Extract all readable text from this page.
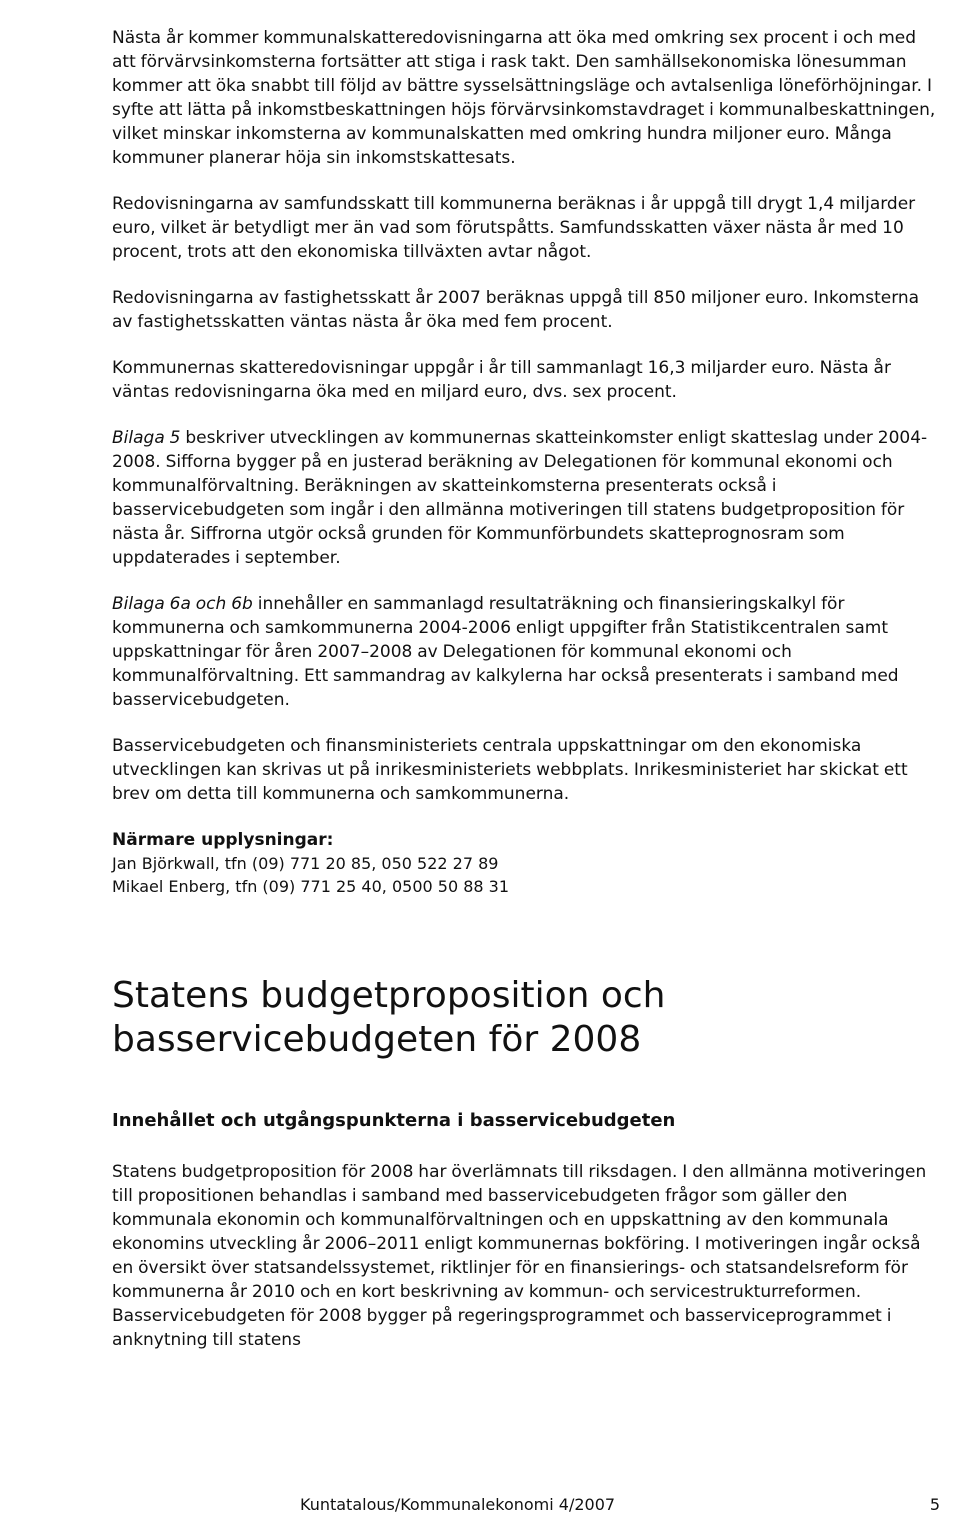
Nästa år kommer kommunalskatteredovisningarna att öka med omkring sex procent i och med att förvärvsinkomsterna fortsätter att stiga i rask takt. Den samhällsekonomiska lönesumman kommer att öka snabbt till följd av bättre sysselsättningsläge och avtalsenliga löneförhöjningar. I syfte att lätta på inkomstbeskattningen höjs förvärvsinkomstavdraget i kommunalbeskattningen, vilket minskar inkomsterna av kommunalskatten med omkring hundra miljoner euro. Många kommuner planerar höja sin inkomstskattesats.

Redovisningarna av samfundsskatt till kommunerna beräknas i år uppgå till drygt 1,4 miljarder euro, vilket är betydligt mer än vad som förutspåtts. Samfundsskatten växer nästa år med 10 procent, trots att den ekonomiska tillväxten avtar något.

Redovisningarna av fastighetsskatt år 2007 beräknas uppgå till 850 miljoner euro. Inkomsterna av fastighetsskatten väntas nästa år öka med fem procent.

Kommunernas skatteredovisningar uppgår i år till sammanlagt 16,3 miljarder euro. Nästa år väntas redovisningarna öka med en miljard euro, dvs. sex procent.

Bilaga 5 beskriver utvecklingen av kommunernas skatteinkomster enligt skatteslag under 2004-2008. Sifforna bygger på en justerad beräkning av Delegationen för kommunal ekonomi och kommunalförvaltning. Beräkningen av skatteinkomsterna presenterats också i basservicebudgeten som ingår i den allmänna motiveringen till statens budgetproposition för nästa år. Siffrorna utgör också grunden för Kommunförbundets skatteprognosram som uppdaterades i september.

Bilaga 6a och 6b innehåller en sammanlagd resultaträkning och finansieringskalkyl för kommunerna och samkommunerna 2004-2006 enligt uppgifter från Statistikcentralen samt uppskattningar för åren 2007–2008 av Delegationen för kommunal ekonomi och kommunalförvaltning. Ett sammandrag av kalkylerna har också presenterats i samband med basservicebudgeten.

Basservicebudgeten och finansministeriets centrala uppskattningar om den ekonomiska utvecklingen kan skrivas ut på inrikesministeriets webbplats. Inrikesministeriet har skickat ett brev om detta till kommunerna och samkommunerna.

Närmare upplysningar:
Jan Björkwall, tfn (09) 771 20 85, 050 522 27 89
Mikael Enberg, tfn (09) 771 25 40, 0500 50 88 31
Statens budgetproposition och basservicebudgeten för 2008
Innehållet och utgångspunkterna i basservicebudgeten

Statens budgetproposition för 2008 har överlämnats till riksdagen. I den allmänna motiveringen till propositionen behandlas i samband med basservicebudgeten frågor som gäller den kommunala ekonomin och kommunalförvaltningen och en uppskattning av den kommunala ekonomins utveckling år 2006–2011 enligt kommunernas bokföring. I motiveringen ingår också en översikt över statsandelssystemet, riktlinjer för en finansierings- och statsandelsreform för kommunerna år 2010 och en kort beskrivning av kommun- och servicestrukturreformen. Basservicebudgeten för 2008 bygger på regeringsprogrammet och basserviceprogrammet i anknytning till statens

Kuntatalous/Kommunalekonomi 4/2007	5
